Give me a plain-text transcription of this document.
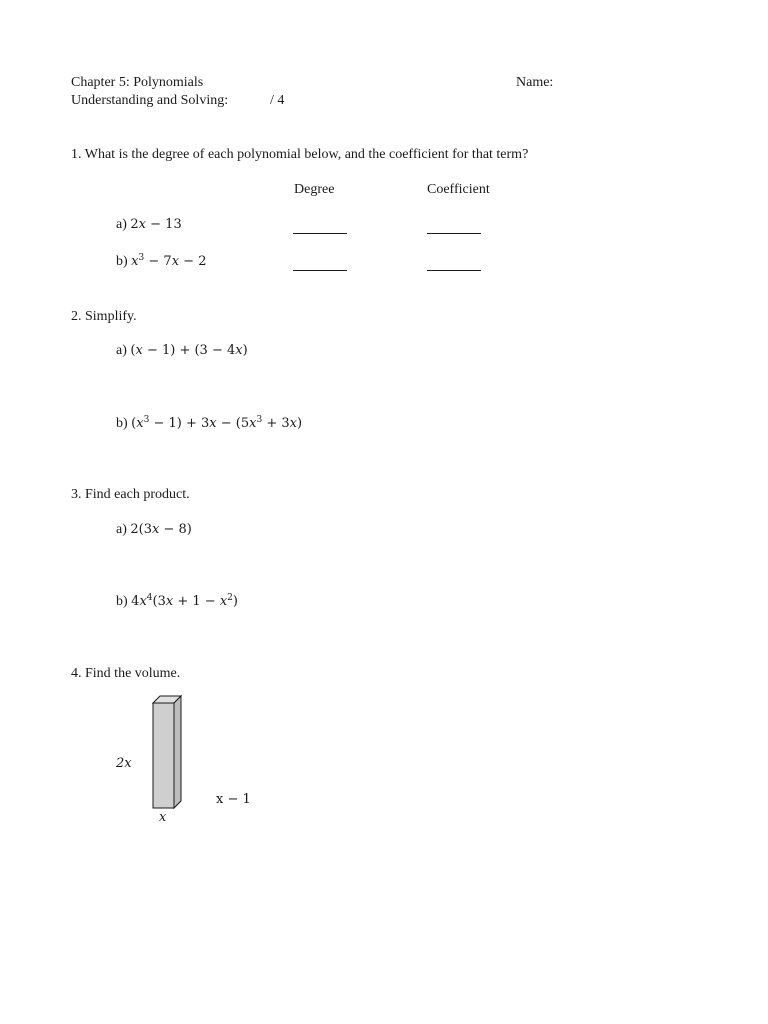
Chapter 5: Polynomials	Name:
Understanding and Solving:	/ 4
1. What is the degree of each polynomial below, and the coefficient for that term?
Degree	Coefficient
a) 2x − 13
b) $x^3 - 7x - 2$
2. Simplify.
a) (x − 1) + (3 − 4x)
b) $(x^3 - 1) + 3x - (5x^3 + 3x)$
3. Find each product.
a) 2(3x − 8)
b) $4x^4(3x + 1 - x^2)$
4. Find the volume.
2x
x
x − 1
